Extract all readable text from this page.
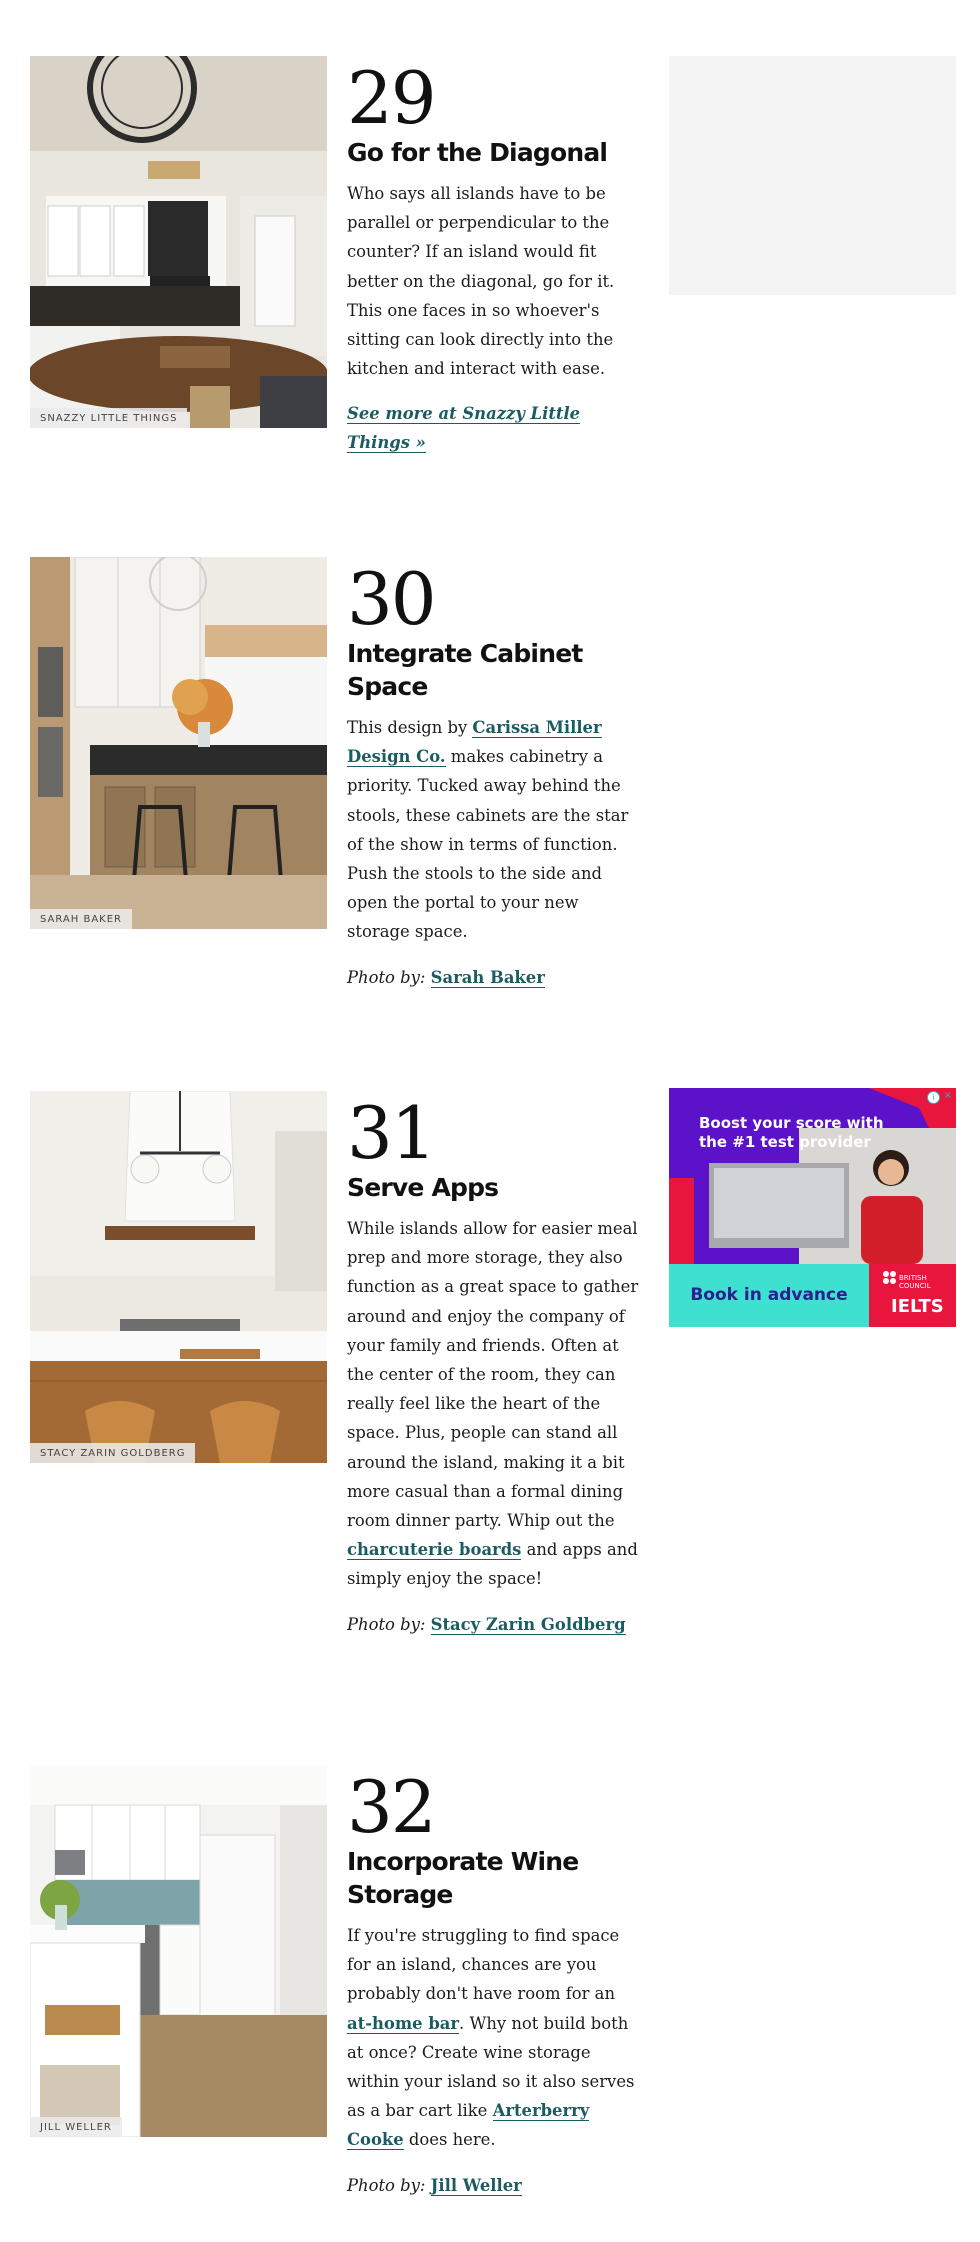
SNAZZY LITTLE THINGS
29
Go for the Diagonal

Who says all islands have to be parallel or perpendicular to the counter? If an island would fit better on the diagonal, go for it. This one faces in so whoever's sitting can look directly into the kitchen and interact with ease.

See more at Snazzy Little Things »
SARAH BAKER
30
Integrate Cabinet Space

This design by Carissa Miller Design Co. makes cabinetry a priority. Tucked away behind the stools, these cabinets are the star of the show in terms of function. Push the stools to the side and open the portal to your new storage space.

Photo by: Sarah Baker
STACY ZARIN GOLDBERG
31
Serve Apps

While islands allow for easier meal prep and more storage, they also function as a great space to gather around and enjoy the company of your family and friends. Often at the center of the room, they can really feel like the heart of the space. Plus, people can stand all around the island, making it a bit more casual than a formal dining room dinner party. Whip out the charcuterie boards and apps and simply enjoy the space!

Photo by: Stacy Zarin Goldberg
Boost your score with the #1 test provider
Book in advance
BRITISH
COUNCIL
IELTS
i ×
JILL WELLER
32
Incorporate Wine Storage

If you're struggling to find space for an island, chances are you probably don't have room for an at-home bar. Why not build both at once? Create wine storage within your island so it also serves as a bar cart like Arterberry Cooke does here.

Photo by: Jill Weller
